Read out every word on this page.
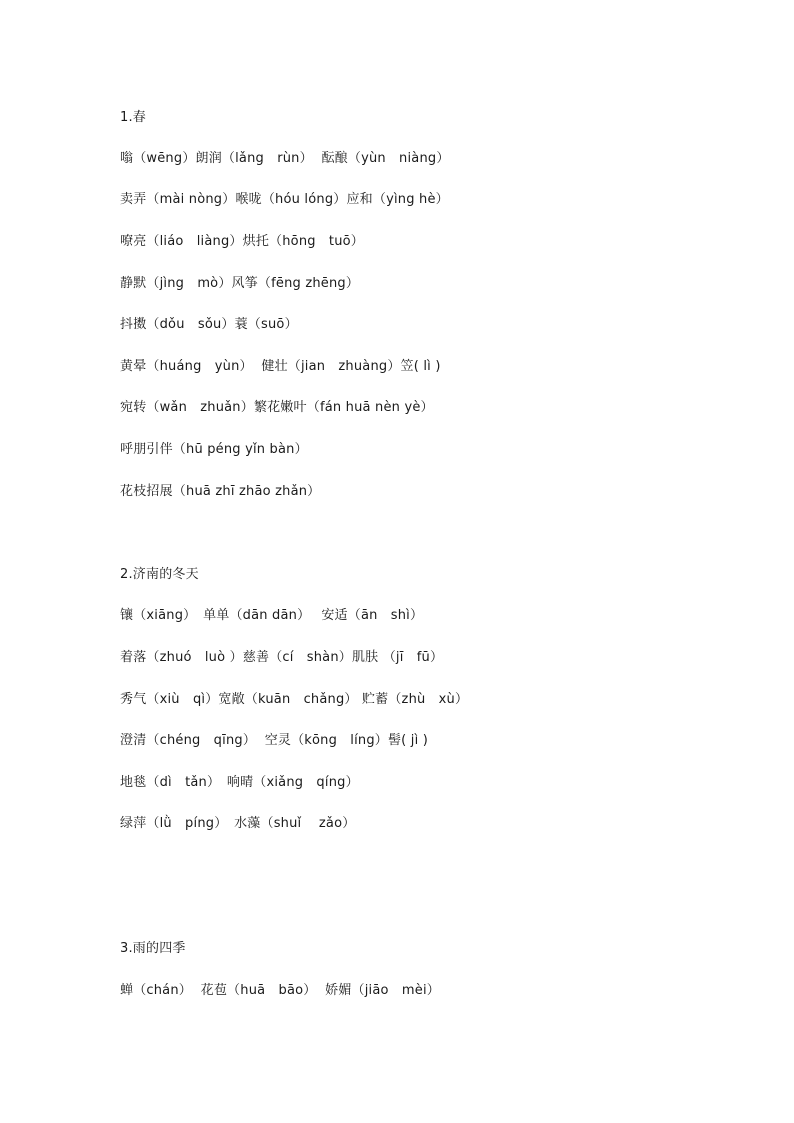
1.春
嗡（wēng）朗润（lǎng　rùn）  酝酿（yùn　niàng）
卖弄（mài nòng）喉咙（hóu lóng）应和（yìng hè）
嘹亮（liáo　liàng）烘托（hōng　tuō）
静默（jìng　mò）风筝（fēng zhēng）
抖擞（dǒu　sǒu）蓑（suō）
黄晕（huáng　yùn）  健壮（jian　zhuàng）笠( lì )
宛转（wǎn　zhuǎn）繁花嫩叶（fán huā nèn yè）
呼朋引伴（hū péng yǐn bàn）
花枝招展（huā zhī zhāo zhǎn）
2.济南的冬天
镶（xiāng）　单单（dān dān）　 安适（ān　shì）
着落（zhuó　luò ）慈善（cí　shàn）肌肤 （jī　fū）
秀气（xiù　qì）宽敞（kuān　chǎng） 贮蓄（zhù　xù）
澄清（chéng　qīng）  空灵（kōng　líng）髻( jì )
地毯（dì　tǎn）　响晴（xiǎng　qíng）
绿萍（lǜ　píng）　水藻（shuǐ　 zǎo）
3.雨的四季
蝉（chán）  花苞（huā　bāo）  娇媚（jiāo　mèi）
